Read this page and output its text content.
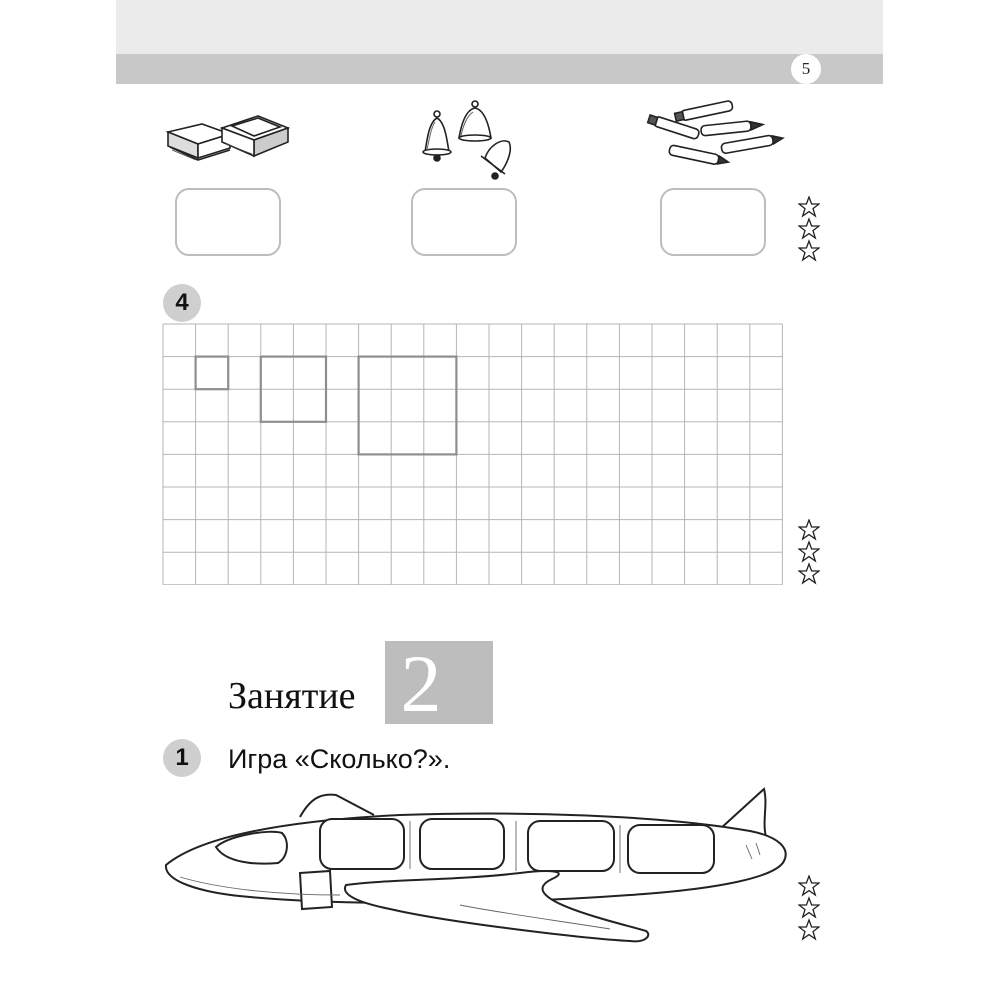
5
4
Занятие 2
1	Игра «Сколько?».
